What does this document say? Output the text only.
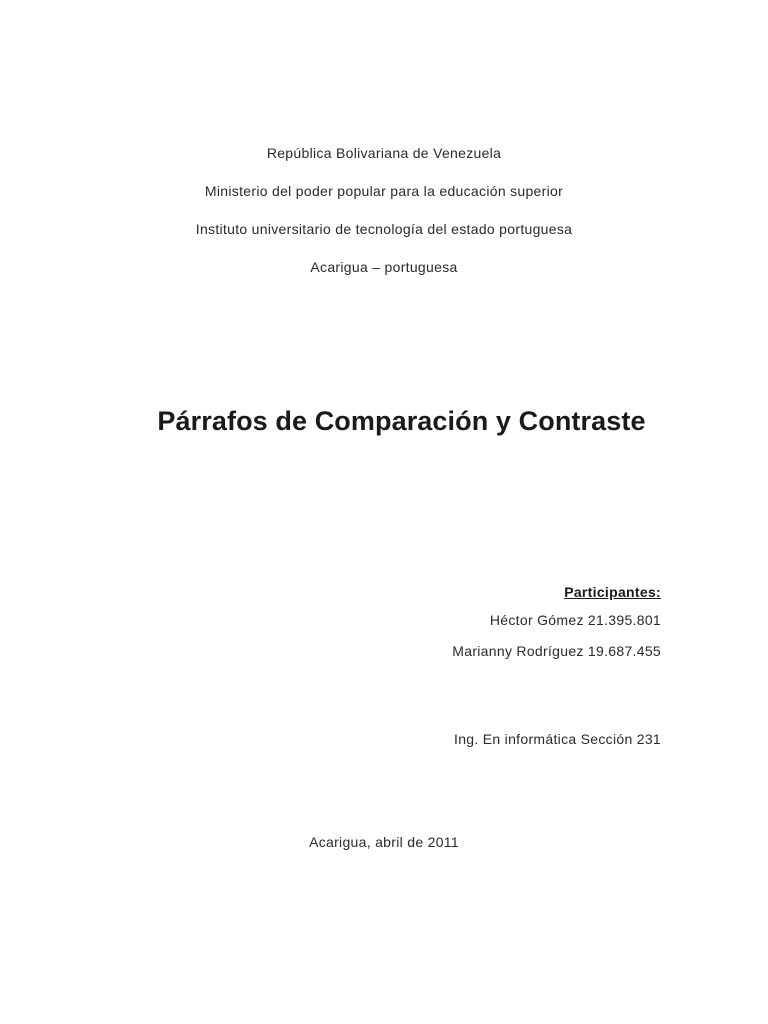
República Bolivariana de Venezuela
Ministerio del poder popular para la educación superior
Instituto universitario de tecnología del estado portuguesa
Acarigua – portuguesa
Párrafos de Comparación y Contraste
Participantes:
Héctor Gómez 21.395.801
Marianny Rodríguez 19.687.455
Ing. En informática Sección 231
Acarigua, abril de 2011
